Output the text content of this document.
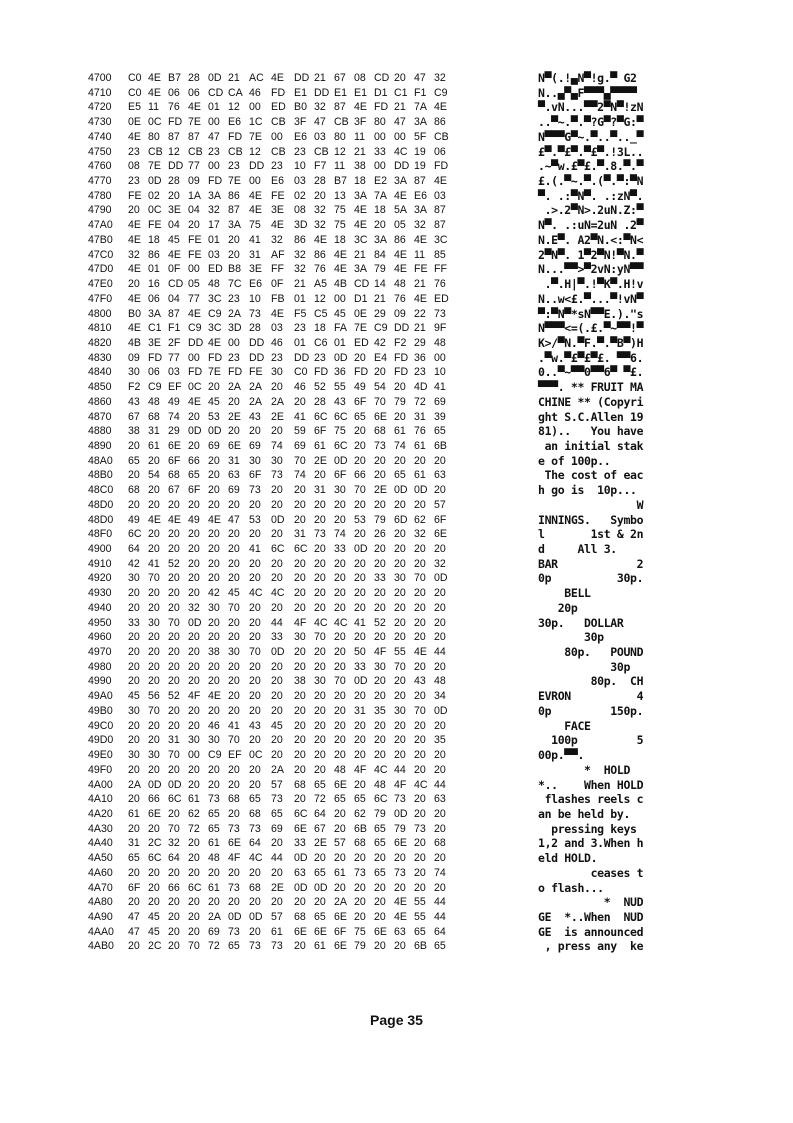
4700 C0 4E B7 28 0D 21 AC 4E DD 21 67 08 CD 20 47 32	N▀(.!▄N▀!g.▀ G2
4710 C0 4E 06 06 CD CA 46 FD E1 DD E1 E1 D1 C1 F1 C9	N..▄▀▄F▀▀▀▄▀▀▀▀
4720 E5 11 76 4E 01 12 00 ED B0 32 87 4E FD 21 7A 4E	▀.vN...▀▀2▀N▀!zN
4730 0E 0C FD 7E 00 E6 1C CB 3F 47 CB 3F 80 47 3A 86	..▀~.▀.▀?G▀?▀G:▀
4740 4E 80 87 87 47 FD 7E 00 E6 03 80 11 00 00 5F CB	N▀▀▀G▀~.▀..▀.._▀
4750 23 CB 12 CB 23 CB 12 CB 23 CB 12 21 33 4C 19 06	£▀.▀£▀.▀£▀.!3L..
4760 08 7E DD 77 00 23 DD 23 10 F7 11 38 00 DD 19 FD	.~▀w.£▀£.▀.8.▀.▀
4770 23 0D 28 09 FD 7E 00 E6 03 28 B7 18 E2 3A 87 4E	£.(.▀~.▀.(▀.▀:▀N
4780 FE 02 20 1A 3A 86 4E FE 02 20 13 3A 7A 4E E6 03	▀. .:▀N▀. .:zN▀.
4790 20 0C 3E 04 32 87 4E 3E 08 32 75 4E 18 5A 3A 87	.>.2▀N>.2uN.Z:▀
47A0 4E FE 04 20 17 3A 75 4E 3D 32 75 4E 20 05 32 87	N▀. .:uN=2uN .2▀
47B0 4E 18 45 FE 01 20 41 32 86 4E 18 3C 3A 86 4E 3C	N.E▀. A2▀N.<:▀N<
47C0 32 86 4E FE 03 20 31 AF 32 86 4E 21 84 4E 11 85	2▀N▀. 1▀2▀N!▀N.▀
47D0 4E 01 0F 00 ED B8 3E FF 32 76 4E 3A 79 4E FE FF	N...▀▀>▀2vN:yN▀▀
47E0 20 16 CD 05 48 7C E6 0F 21 A5 4B CD 14 48 21 76	.▀.H|▀.!▀K▀.H!v
47F0 4E 06 04 77 3C 23 10 FB 01 12 00 D1 21 76 4E ED	N..w<£.▀...▀!vN▀
4800 B0 3A 87 4E C9 2A 73 4E F5 C5 45 0E 29 09 22 73	▀:▀N▀*sN▀▀E.)."s
4810 4E C1 F1 C9 3C 3D 28 03 23 18 FA 7E C9 DD 21 9F	N▀▀▀<=(.£.▀~▀▀!▀
4820 4B 3E 2F DD 4E 00 DD 46 01 C6 01 ED 42 F2 29 48	K>/▀N.▀F.▀.▀B▀)H
4830 09 FD 77 00 FD 23 DD 23 DD 23 0D 20 E4 FD 36 00	.▀w.▀£▀£▀£. ▀▀6.
4840 30 06 03 FD 7E FD FE 30 C0 FD 36 FD 20 FD 23 10	0..▀~▀▀0▀▀6▀ ▀£.
4850 F2 C9 EF 0C 20 2A 2A 20 46 52 55 49 54 20 4D 41	▀▀▀. ** FRUIT MA
4860 43 48 49 4E 45 20 2A 2A 20 28 43 6F 70 79 72 69	CHINE ** (Copyri
4870 67 68 74 20 53 2E 43 2E 41 6C 6C 65 6E 20 31 39	ght S.C.Allen 19
4880 38 31 29 0D 0D 20 20 20 59 6F 75 20 68 61 76 65	81)..   You have
4890 20 61 6E 20 69 6E 69 74 69 61 6C 20 73 74 61 6B	an initial stak
48A0 65 20 6F 66 20 31 30 30 70 2E 0D 20 20 20 20 20	e of 100p..
48B0 20 54 68 65 20 63 6F 73 74 20 6F 66 20 65 61 63	The cost of eac
48C0 68 20 67 6F 20 69 73 20 20 31 30 70 2E 0D 0D 20	h go is  10p...
48D0 20 20 20 20 20 20 20 20 20 20 20 20 20 20 20 57	W
48D0 49 4E 4E 49 4E 47 53 0D 20 20 20 53 79 6D 62 6F	INNINGS.   Symbo
48F0 6C 20 20 20 20 20 20 20 31 73 74 20 26 20 32 6E	l       1st & 2n
4900 64 20 20 20 20 20 41 6C 6C 20 33 0D 20 20 20 20	d     All 3.
4910 42 41 52 20 20 20 20 20 20 20 20 20 20 20 20 32	BAR            2
4920 30 70 20 20 20 20 20 20 20 20 20 20 33 30 70 0D	0p          30p.
4930 20 20 20 20 42 45 4C 4C 20 20 20 20 20 20 20 20	BELL
4940 20 20 20 32 30 70 20 20 20 20 20 20 20 20 20 20	20p
4950 33 30 70 0D 20 20 20 44 4F 4C 4C 41 52 20 20 20	30p.   DOLLAR
4960 20 20 20 20 20 20 20 33 30 70 20 20 20 20 20 20	30p
4970 20 20 20 20 38 30 70 0D 20 20 20 50 4F 55 4E 44	80p.   POUND
4980 20 20 20 20 20 20 20 20 20 20 20 33 30 70 20 20	30p
4990 20 20 20 20 20 20 20 20 38 30 70 0D 20 20 43 48	80p.  CH
49A0 45 56 52 4F 4E 20 20 20 20 20 20 20 20 20 20 34	EVRON          4
49B0 30 70 20 20 20 20 20 20 20 20 20 31 35 30 70 0D	0p         150p.
49C0 20 20 20 20 46 41 43 45 20 20 20 20 20 20 20 20	FACE
49D0 20 20 31 30 30 70 20 20 20 20 20 20 20 20 20 35	100p         5
49E0 30 30 70 00 C9 EF 0C 20 20 20 20 20 20 20 20 20	00p.▀▀.
49F0 20 20 20 20 20 20 20 2A 20 20 48 4F 4C 44 20 20	*  HOLD
4A00 2A 0D 0D 20 20 20 20 57 68 65 6E 20 48 4F 4C 44	*..    When HOLD
4A10 20 66 6C 61 73 68 65 73 20 72 65 65 6C 73 20 63	flashes reels c
4A20 61 6E 20 62 65 20 68 65 6C 64 20 62 79 0D 20 20	an be held by.
4A30 20 20 70 72 65 73 73 69 6E 67 20 6B 65 79 73 20	pressing keys
4A40 31 2C 32 20 61 6E 64 20 33 2E 57 68 65 6E 20 68	1,2 and 3.When h
4A50 65 6C 64 20 48 4F 4C 44 0D 20 20 20 20 20 20 20	eld HOLD.
4A60 20 20 20 20 20 20 20 20 63 65 61 73 65 73 20 74	ceases t
4A70 6F 20 66 6C 61 73 68 2E 0D 0D 20 20 20 20 20 20	o flash...
4A80 20 20 20 20 20 20 20 20 20 20 2A 20 20 4E 55 44	*  NUD
4A90 47 45 20 20 2A 0D 0D 57 68 65 6E 20 20 4E 55 44	GE  *..When  NUD
4AA0 47 45 20 20 69 73 20 61 6E 6E 6F 75 6E 63 65 64	GE  is announced
4AB0 20 2C 20 70 72 65 73 73 20 61 6E 79 20 20 6B 65	, press any  ke
Page 35
